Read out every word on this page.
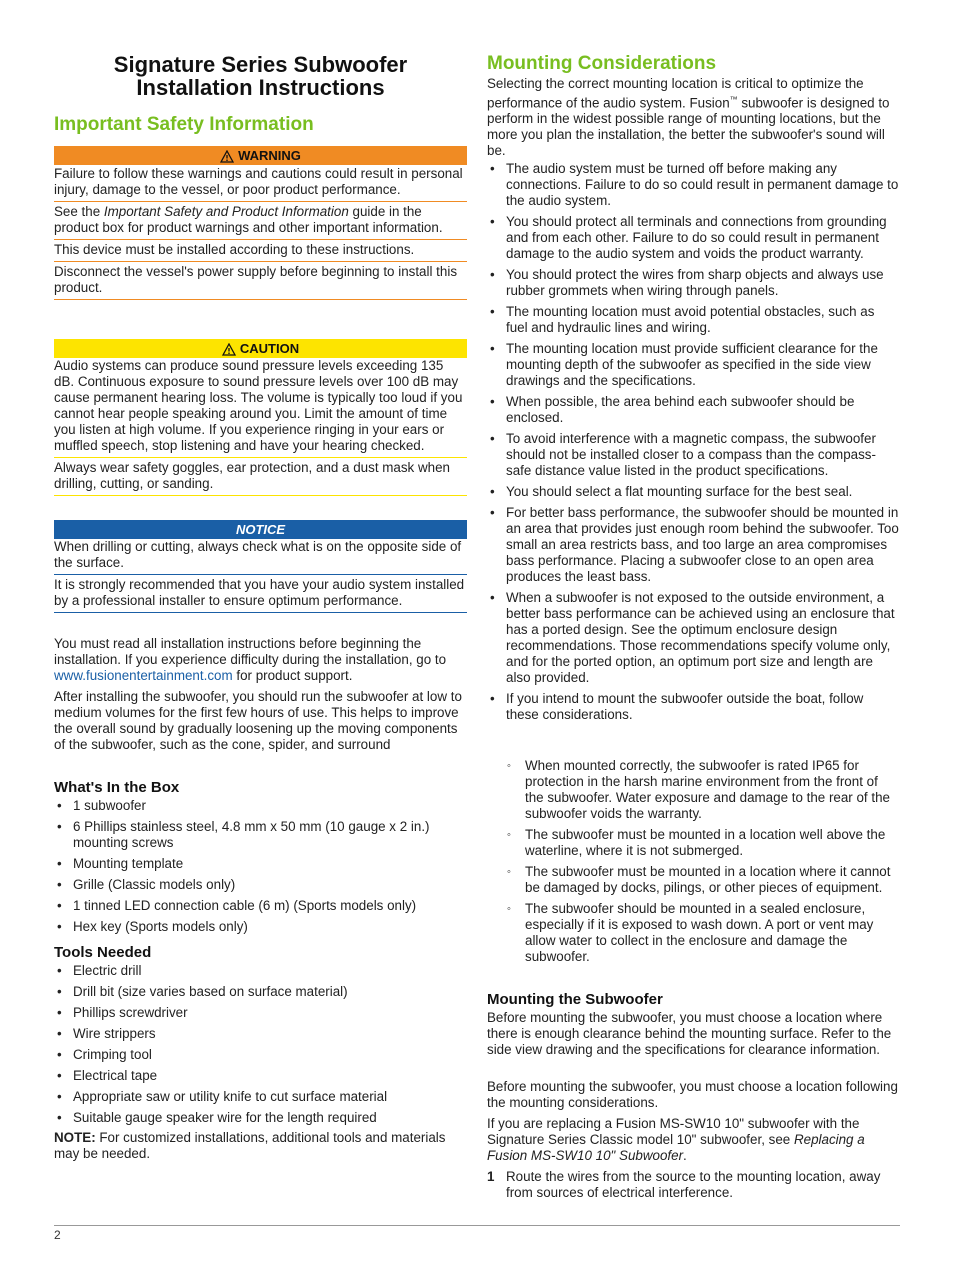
Signature Series Subwoofer Installation Instructions
Important Safety Information
WARNING

Failure to follow these warnings and cautions could result in personal injury, damage to the vessel, or poor product performance.

See the Important Safety and Product Information guide in the product box for product warnings and other important information.

This device must be installed according to these instructions.

Disconnect the vessel's power supply before beginning to install this product.

CAUTION

Audio systems can produce sound pressure levels exceeding 135 dB. Continuous exposure to sound pressure levels over 100 dB may cause permanent hearing loss. The volume is typically too loud if you cannot hear people speaking around you. Limit the amount of time you listen at high volume. If you experience ringing in your ears or muffled speech, stop listening and have your hearing checked.

Always wear safety goggles, ear protection, and a dust mask when drilling, cutting, or sanding.

NOTICE

When drilling or cutting, always check what is on the opposite side of the surface.

It is strongly recommended that you have your audio system installed by a professional installer to ensure optimum performance.

You must read all installation instructions before beginning the installation. If you experience difficulty during the installation, go to www.fusionentertainment.com for product support.

After installing the subwoofer, you should run the subwoofer at low to medium volumes for the first few hours of use. This helps to improve the overall sound by gradually loosening up the moving components of the subwoofer, such as the cone, spider, and surround

What's In the Box
• 1 subwoofer
• 6 Phillips stainless steel, 4.8 mm x 50 mm (10 gauge x 2 in.) mounting screws
• Mounting template
• Grille (Classic models only)
• 1 tinned LED connection cable (6 m) (Sports models only)
• Hex key (Sports models only)
Tools Needed
• Electric drill
• Drill bit (size varies based on surface material)
• Phillips screwdriver
• Wire strippers
• Crimping tool
• Electrical tape
• Appropriate saw or utility knife to cut surface material
• Suitable gauge speaker wire for the length required

NOTE: For customized installations, additional tools and materials may be needed.

Mounting Considerations

Selecting the correct mounting location is critical to optimize the performance of the audio system. Fusion™ subwoofer is designed to perform in the widest possible range of mounting locations, but the more you plan the installation, the better the subwoofer's sound will be.

• The audio system must be turned off before making any connections. Failure to do so could result in permanent damage to the audio system.
• You should protect all terminals and connections from grounding and from each other. Failure to do so could result in permanent damage to the audio system and voids the product warranty.
• You should protect the wires from sharp objects and always use rubber grommets when wiring through panels.
• The mounting location must avoid potential obstacles, such as fuel and hydraulic lines and wiring.
• The mounting location must provide sufficient clearance for the mounting depth of the subwoofer as specified in the side view drawings and the specifications.
• When possible, the area behind each subwoofer should be enclosed.
• To avoid interference with a magnetic compass, the subwoofer should not be installed closer to a compass than the compass-safe distance value listed in the product specifications.
• You should select a flat mounting surface for the best seal.
• For better bass performance, the subwoofer should be mounted in an area that provides just enough room behind the subwoofer. Too small an area restricts bass, and too large an area compromises bass performance. Placing a subwoofer close to an open area produces the least bass.
• When a subwoofer is not exposed to the outside environment, a better bass performance can be achieved using an enclosure that has a ported design. See the optimum enclosure design recommendations. Those recommendations specify volume only, and for the ported option, an optimum port size and length are also provided.
• If you intend to mount the subwoofer outside the boat, follow these considerations.
◦ When mounted correctly, the subwoofer is rated IP65 for protection in the harsh marine environment from the front of the subwoofer. Water exposure and damage to the rear of the subwoofer voids the warranty.
◦ The subwoofer must be mounted in a location well above the waterline, where it is not submerged.
◦ The subwoofer must be mounted in a location where it cannot be damaged by docks, pilings, or other pieces of equipment.
◦ The subwoofer should be mounted in a sealed enclosure, especially if it is exposed to wash down. A port or vent may allow water to collect in the enclosure and damage the subwoofer.
Mounting the Subwoofer

Before mounting the subwoofer, you must choose a location where there is enough clearance behind the mounting surface. Refer to the side view drawing and the specifications for clearance information.

Before mounting the subwoofer, you must choose a location following the mounting considerations.

If you are replacing a Fusion MS-SW10 10" subwoofer with the Signature Series Classic model 10" subwoofer, see Replacing a Fusion MS-SW10 10" Subwoofer.

1 Route the wires from the source to the mounting location, away from sources of electrical interference.
2
